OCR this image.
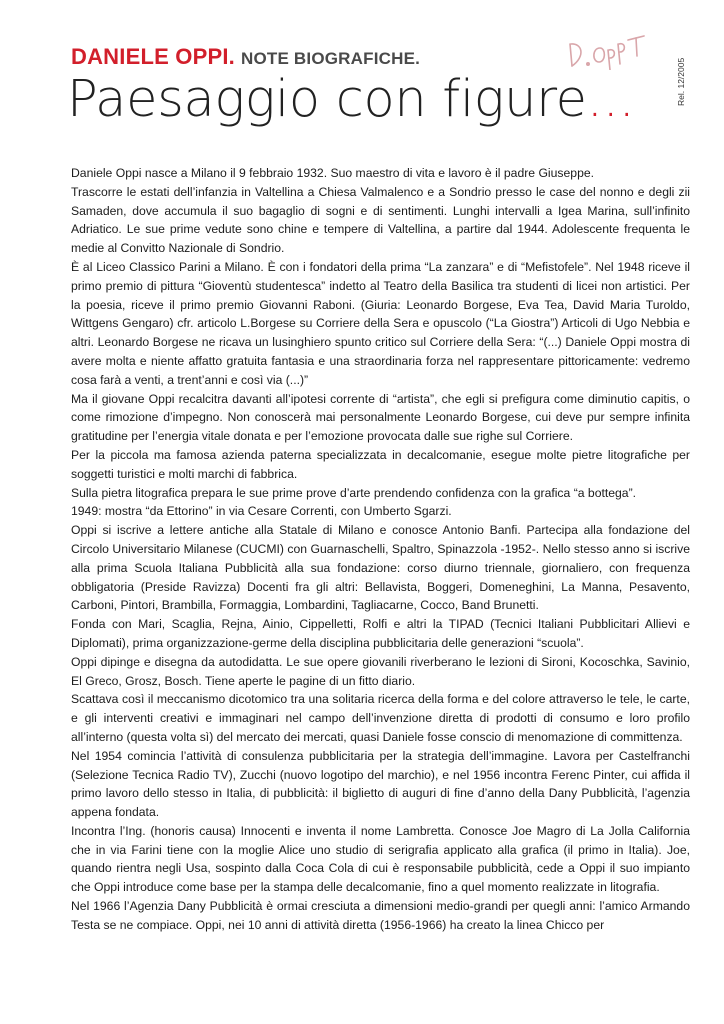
DANIELE OPPI. NOTE BIOGRAFICHE.
Paesaggio con figure...	Rel. 12/2005

Daniele Oppi nasce a Milano il 9 febbraio 1932. Suo maestro di vita e lavoro è il padre Giuseppe.

Trascorre le estati dell’infanzia in Valtellina a Chiesa Valmalenco e a Sondrio presso le case del nonno e degli zii Samaden, dove accumula il suo bagaglio di sogni e di sentimenti. Lunghi intervalli a Igea Marina, sull’infinito Adriatico. Le sue prime vedute sono chine e tempere di Valtellina, a partire dal 1944. Adolescente frequenta le medie al Convitto Nazionale di Sondrio.

È al Liceo Classico Parini a Milano. È con i fondatori della prima “La zanzara” e di “Mefistofele”. Nel 1948 riceve il primo premio di pittura “Gioventù studentesca” indetto al Teatro della Basilica tra studenti di licei non artistici. Per la poesia, riceve il primo premio Giovanni Raboni. (Giuria: Leonardo Borgese, Eva Tea, David Maria Turoldo, Wittgens Gengaro) cfr. articolo L.Borgese su Corriere della Sera e opuscolo (“La Giostra”) Articoli di Ugo Nebbia e altri. Leonardo Borgese ne ricava un lusinghiero spunto critico sul Corriere della Sera: “(...) Daniele Oppi mostra di avere molta e niente affatto gratuita fantasia e una straordinaria forza nel rappresentare pittoricamente: vedremo cosa farà a venti, a trent’anni e così via (...)”

Ma il giovane Oppi recalcitra davanti all’ipotesi corrente di “artista”, che egli si prefigura come diminutio capitis, o come rimozione d’impegno. Non conoscerà mai personalmente Leonardo Borgese, cui deve pur sempre infinita gratitudine per l’energia vitale donata e per l’emozione provocata dalle sue righe sul Corriere.

Per la piccola ma famosa azienda paterna specializzata in decalcomanie, esegue molte pietre litografiche per soggetti turistici e molti marchi di fabbrica.

Sulla pietra litografica prepara le sue prime prove d’arte prendendo confidenza con la grafica “a bottega”.

1949: mostra “da Ettorino” in via Cesare Correnti, con Umberto Sgarzi.

Oppi si iscrive a lettere antiche alla Statale di Milano e conosce Antonio Banfi. Partecipa alla fondazione del Circolo Universitario Milanese (CUCMI) con Guarnaschelli, Spaltro, Spinazzola -1952-. Nello stesso anno si iscrive alla prima Scuola Italiana Pubblicità alla sua fondazione: corso diurno triennale, giornaliero, con frequenza obbligatoria (Preside Ravizza) Docenti fra gli altri: Bellavista, Boggeri, Domeneghini, La Manna, Pesavento, Carboni, Pintori, Brambilla, Formaggia, Lombardini, Tagliacarne, Cocco, Band Brunetti.

Fonda con Mari, Scaglia, Rejna, Ainio, Cippelletti, Rolfi e altri la TIPAD (Tecnici Italiani Pubblicitari Allievi e Diplomati), prima organizzazione-germe della disciplina pubblicitaria delle generazioni “scuola”.

Oppi dipinge e disegna da autodidatta. Le sue opere giovanili riverberano le lezioni di Sironi, Kocoschka, Savinio, El Greco, Grosz, Bosch. Tiene aperte le pagine di un fitto diario.

Scattava così il meccanismo dicotomico tra una solitaria ricerca della forma e del colore attraverso le tele, le carte, e gli interventi creativi e immaginari nel campo dell’invenzione diretta di prodotti di consumo e loro profilo all’interno (questa volta sì) del mercato dei mercati, quasi Daniele fosse conscio di menomazione di committenza.

Nel 1954 comincia l’attività di consulenza pubblicitaria per la strategia dell’immagine. Lavora per Castelfranchi (Selezione Tecnica Radio TV), Zucchi (nuovo logotipo del marchio), e nel 1956 incontra Ferenc Pinter, cui affida il primo lavoro dello stesso in Italia, di pubblicità: il biglietto di auguri di fine d’anno della Dany Pubblicità, l’agenzia appena fondata.

Incontra l’Ing. (honoris causa) Innocenti e inventa il nome Lambretta. Conosce Joe Magro di La Jolla California che in via Farini tiene con la moglie Alice uno studio di serigrafia applicato alla grafica (il primo in Italia). Joe, quando rientra negli Usa, sospinto dalla Coca Cola di cui è responsabile pubblicità, cede a Oppi il suo impianto che Oppi introduce come base per la stampa delle decalcomanie, fino a quel momento realizzate in litografia.

Nel 1966 l’Agenzia Dany Pubblicità è ormai cresciuta a dimensioni medio-grandi per quegli anni: l’amico Armando Testa se ne compiace. Oppi, nei 10 anni di attività diretta (1956-1966) ha creato la linea Chicco per
